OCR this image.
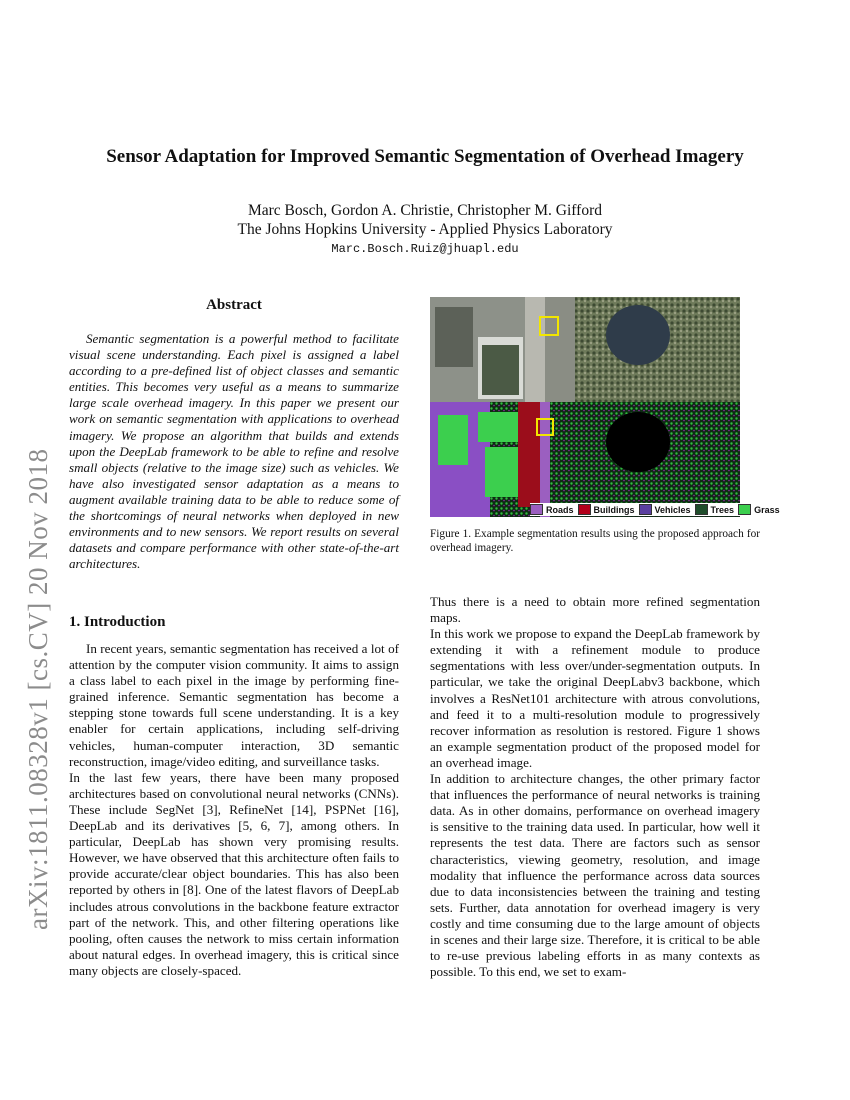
Sensor Adaptation for Improved Semantic Segmentation of Overhead Imagery
Marc Bosch, Gordon A. Christie, Christopher M. Gifford
The Johns Hopkins University - Applied Physics Laboratory
Marc.Bosch.Ruiz@jhuapl.edu
arXiv:1811.08328v1 [cs.CV] 20 Nov 2018
Abstract

Semantic segmentation is a powerful method to facilitate visual scene understanding. Each pixel is assigned a label according to a pre-defined list of object classes and semantic entities. This becomes very useful as a means to summarize large scale overhead imagery. In this paper we present our work on semantic segmentation with applications to overhead imagery. We propose an algorithm that builds and extends upon the DeepLab framework to be able to refine and resolve small objects (relative to the image size) such as vehicles. We have also investigated sensor adaptation as a means to augment available training data to be able to reduce some of the shortcomings of neural networks when deployed in new environments and to new sensors. We report results on several datasets and compare performance with other state-of-the-art architectures.

1. Introduction

In recent years, semantic segmentation has received a lot of attention by the computer vision community. It aims to assign a class label to each pixel in the image by performing fine-grained inference. Semantic segmentation has become a stepping stone towards full scene understanding. It is a key enabler for certain applications, including self-driving vehicles, human-computer interaction, 3D semantic reconstruction, image/video editing, and surveillance tasks.

In the last few years, there have been many proposed architectures based on convolutional neural networks (CNNs). These include SegNet [3], RefineNet [14], PSPNet [16], DeepLab and its derivatives [5, 6, 7], among others. In particular, DeepLab has shown very promising results. However, we have observed that this architecture often fails to provide accurate/clear object boundaries. This has also been reported by others in [8]. One of the latest flavors of DeepLab includes atrous convolutions in the backbone feature extractor part of the network. This, and other filtering operations like pooling, often causes the network to miss certain information about natural edges. In overhead imagery, this is critical since many objects are closely-spaced.

Roads Buildings Vehicles Trees Grass
Figure 1. Example segmentation results using the proposed approach for overhead imagery.

Thus there is a need to obtain more refined segmentation maps.

In this work we propose to expand the DeepLab framework by extending it with a refinement module to produce segmentations with less over/under-segmentation outputs. In particular, we take the original DeepLabv3 backbone, which involves a ResNet101 architecture with atrous convolutions, and feed it to a multi-resolution module to progressively recover information as resolution is restored. Figure 1 shows an example segmentation product of the proposed model for an overhead image.

In addition to architecture changes, the other primary factor that influences the performance of neural networks is training data. As in other domains, performance on overhead imagery is sensitive to the training data used. In particular, how well it represents the test data. There are factors such as sensor characteristics, viewing geometry, resolution, and image modality that influence the performance across data sources due to data inconsistencies between the training and testing sets. Further, data annotation for overhead imagery is very costly and time consuming due to the large amount of objects in scenes and their large size. Therefore, it is critical to be able to re-use previous labeling efforts in as many contexts as possible. To this end, we set to exam-
